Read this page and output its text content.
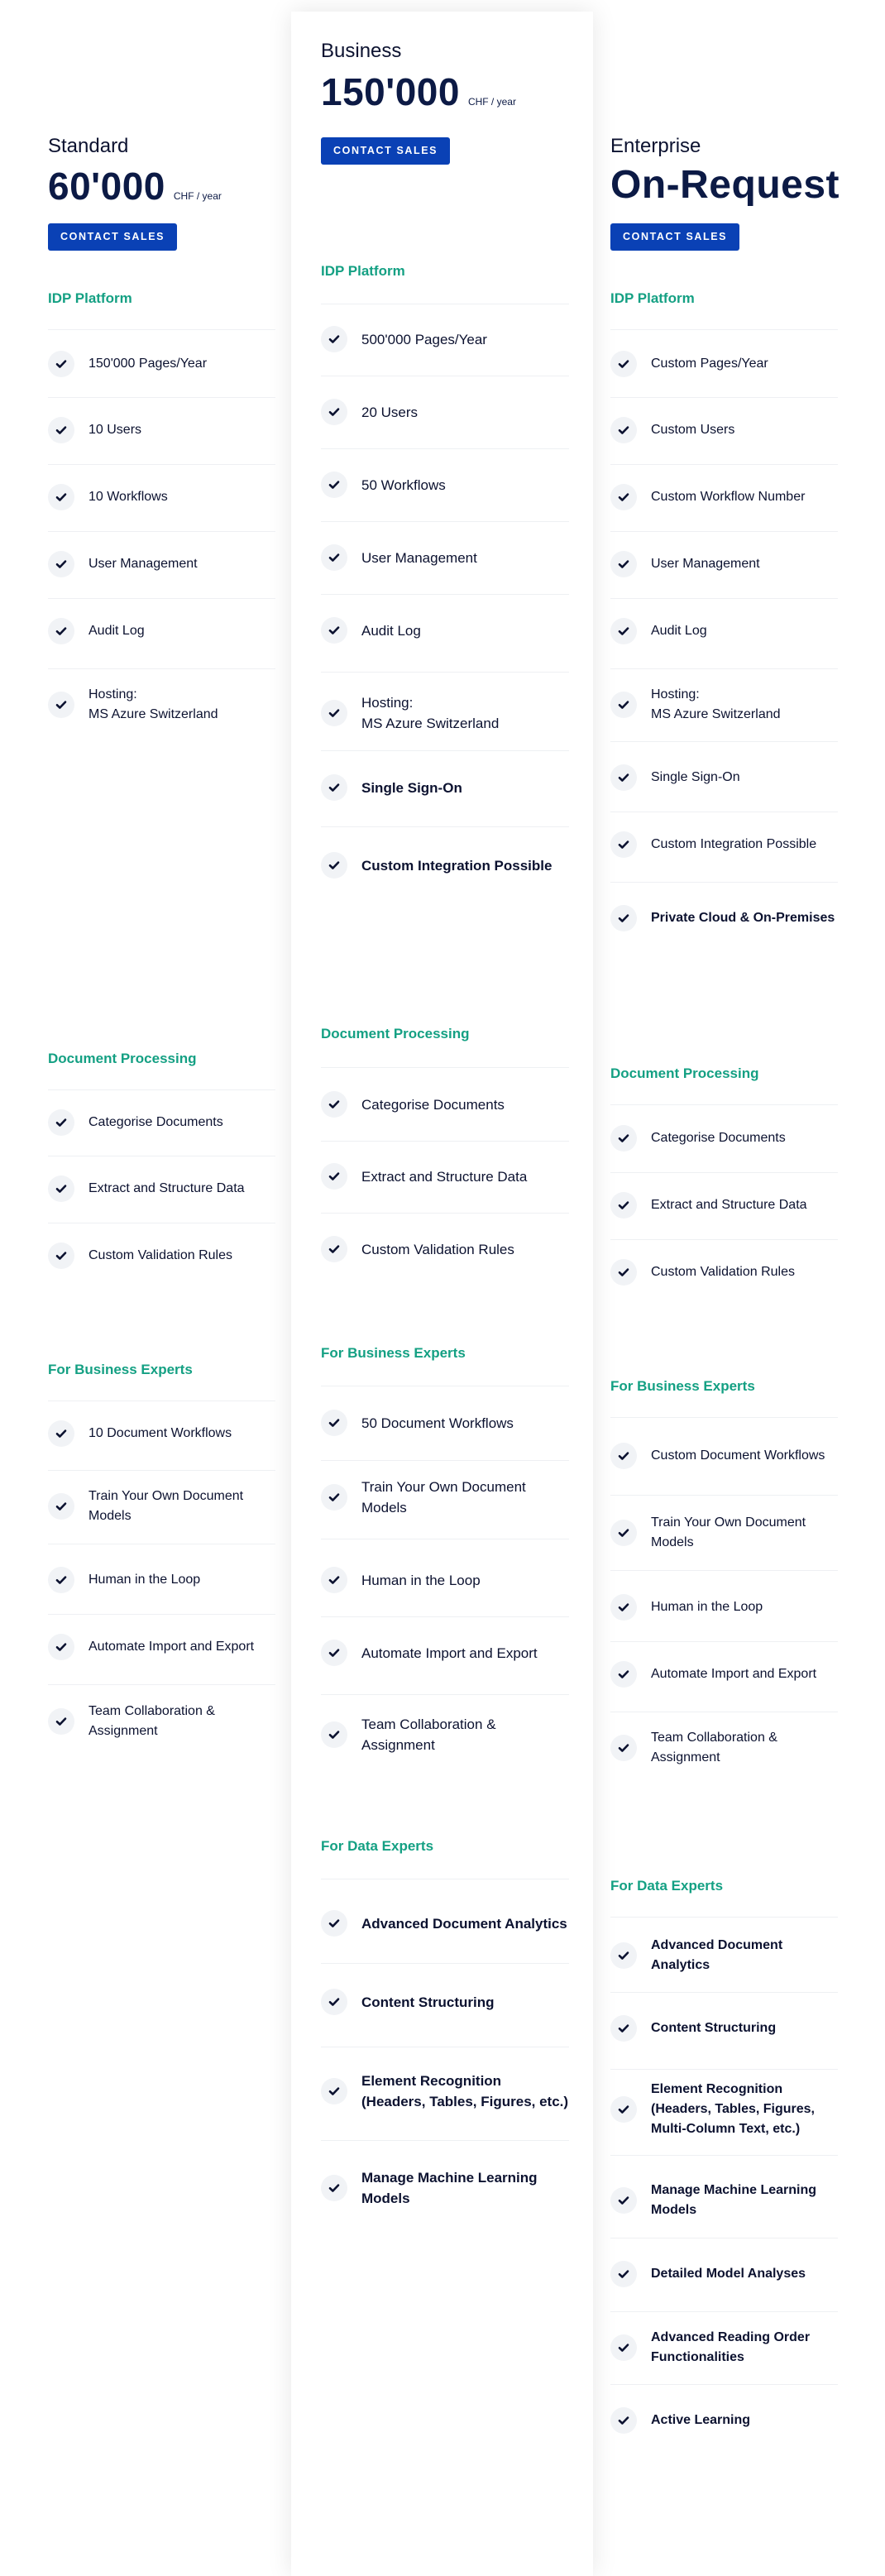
Standard
60'000 CHF / year
CONTACT SALES
IDP Platform
150'000 Pages/Year
10 Users
10 Workflows
User Management
Audit Log
Hosting:
MS Azure Switzerland
Document Processing
Categorise Documents
Extract and Structure Data
Custom Validation Rules
For Business Experts
10 Document Workflows
Train Your Own Document Models
Human in the Loop
Automate Import and Export
Team Collaboration & Assignment
Business
150'000 CHF / year
CONTACT SALES
IDP Platform
500'000 Pages/Year
20 Users
50 Workflows
User Management
Audit Log
Hosting:
MS Azure Switzerland
Single Sign-On
Custom Integration Possible
Document Processing
Categorise Documents
Extract and Structure Data
Custom Validation Rules
For Business Experts
50 Document Workflows
Train Your Own Document Models
Human in the Loop
Automate Import and Export
Team Collaboration & Assignment
For Data Experts
Advanced Document Analytics
Content Structuring
Element Recognition (Headers, Tables, Figures, etc.)
Manage Machine Learning Models
Enterprise
On-Request
CONTACT SALES
IDP Platform
Custom Pages/Year
Custom Users
Custom Workflow Number
User Management
Audit Log
Hosting:
MS Azure Switzerland
Single Sign-On
Custom Integration Possible
Private Cloud & On-Premises
Document Processing
Categorise Documents
Extract and Structure Data
Custom Validation Rules
For Business Experts
Custom Document Workflows
Train Your Own Document Models
Human in the Loop
Automate Import and Export
Team Collaboration & Assignment
For Data Experts
Advanced Document Analytics
Content Structuring
Element Recognition (Headers, Tables, Figures, Multi-Column Text, etc.)
Manage Machine Learning Models
Detailed Model Analyses
Advanced Reading Order Functionalities
Active Learning
